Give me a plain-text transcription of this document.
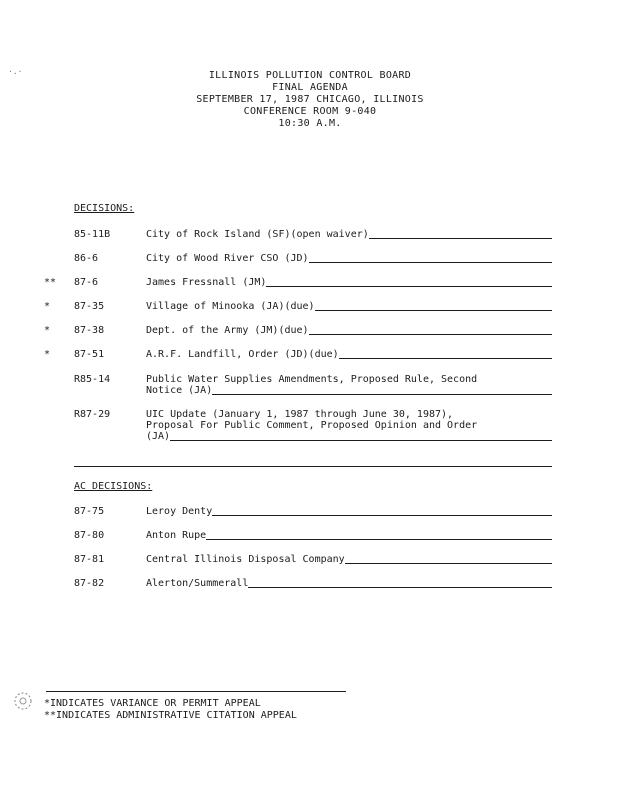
ILLINOIS POLLUTION CONTROL BOARD
FINAL AGENDA
SEPTEMBER 17, 1987 CHICAGO, ILLINOIS
CONFERENCE ROOM 9-040
10:30 A.M.
DECISIONS:
85-11B	City of Rock Island (SF)(open waiver)
86-6	City of Wood River CSO (JD)
**	87-6	James Fressnall (JM)
*	87-35	Village of Minooka (JA)(due)
*	87-38	Dept. of the Army (JM)(due)
*	87-51	A.R.F. Landfill, Order (JD)(due)
R85-14	Public Water Supplies Amendments, Proposed Rule, Second
Notice (JA)
R87-29	UIC Update (January 1, 1987 through June 30, 1987),
Proposal For Public Comment, Proposed Opinion and Order
(JA)
AC DECISIONS:
87-75	Leroy Denty
87-80	Anton Rupe
87-81	Central Illinois Disposal Company
87-82	Alerton/Summerall
*INDICATES VARIANCE OR PERMIT APPEAL
**INDICATES ADMINISTRATIVE CITATION APPEAL
·.·
